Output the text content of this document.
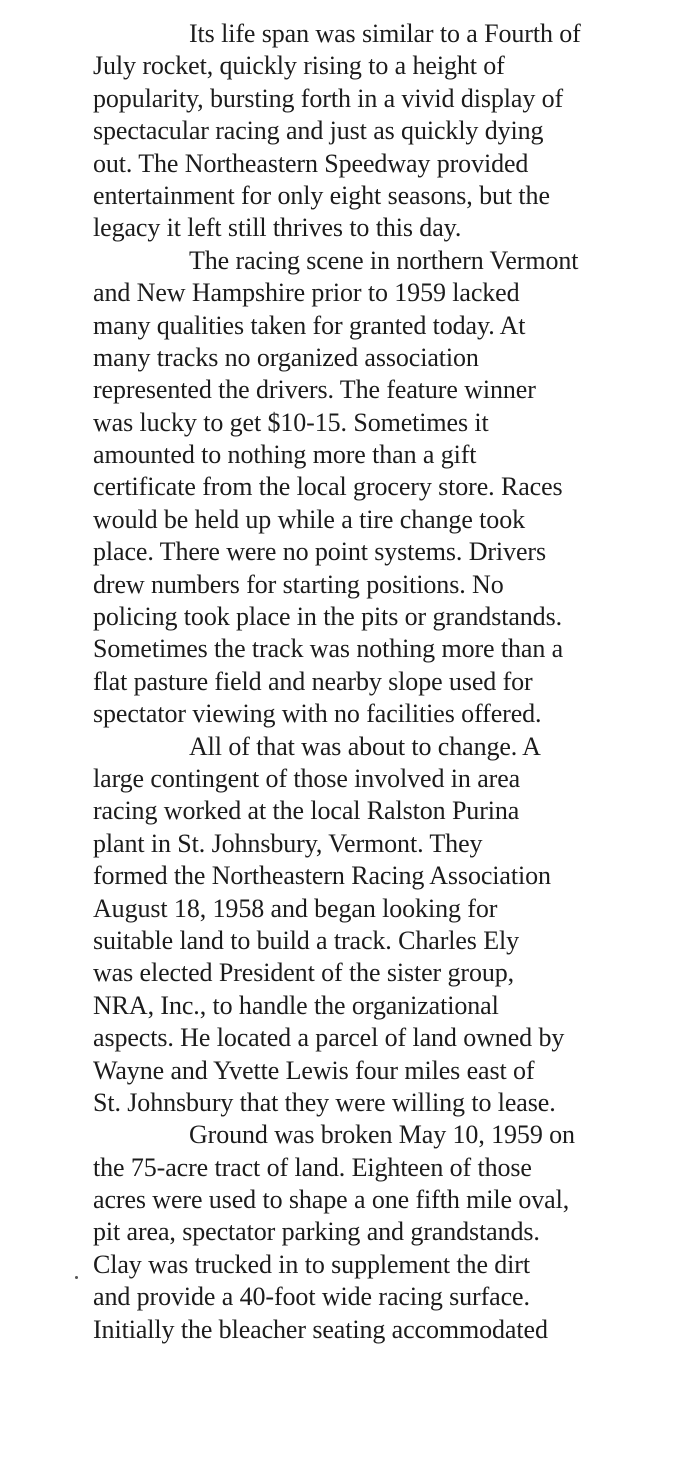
Its life span was similar to a Fourth of
July rocket, quickly rising to a height of
popularity, bursting forth in a vivid display of
spectacular racing and just as quickly dying
out. The Northeastern Speedway provided
entertainment for only eight seasons, but the
legacy it left still thrives to this day.
The racing scene in northern Vermont
and New Hampshire prior to 1959 lacked
many qualities taken for granted today. At
many tracks no organized association
represented the drivers. The feature winner
was lucky to get $10-15. Sometimes it
amounted to nothing more than a gift
certificate from the local grocery store. Races
would be held up while a tire change took
place. There were no point systems. Drivers
drew numbers for starting positions. No
policing took place in the pits or grandstands.
Sometimes the track was nothing more than a
flat pasture field and nearby slope used for
spectator viewing with no facilities offered.
All of that was about to change. A
large contingent of those involved in area
racing worked at the local Ralston Purina
plant in St. Johnsbury, Vermont. They
formed the Northeastern Racing Association
August 18, 1958 and began looking for
suitable land to build a track. Charles Ely
was elected President of the sister group,
NRA, Inc., to handle the organizational
aspects. He located a parcel of land owned by
Wayne and Yvette Lewis four miles east of
St. Johnsbury that they were willing to lease.
Ground was broken May 10, 1959 on
the 75-acre tract of land. Eighteen of those
acres were used to shape a one fifth mile oval,
pit area, spectator parking and grandstands.
Clay was trucked in to supplement the dirt
and provide a 40-foot wide racing surface.
Initially the bleacher seating accommodated
